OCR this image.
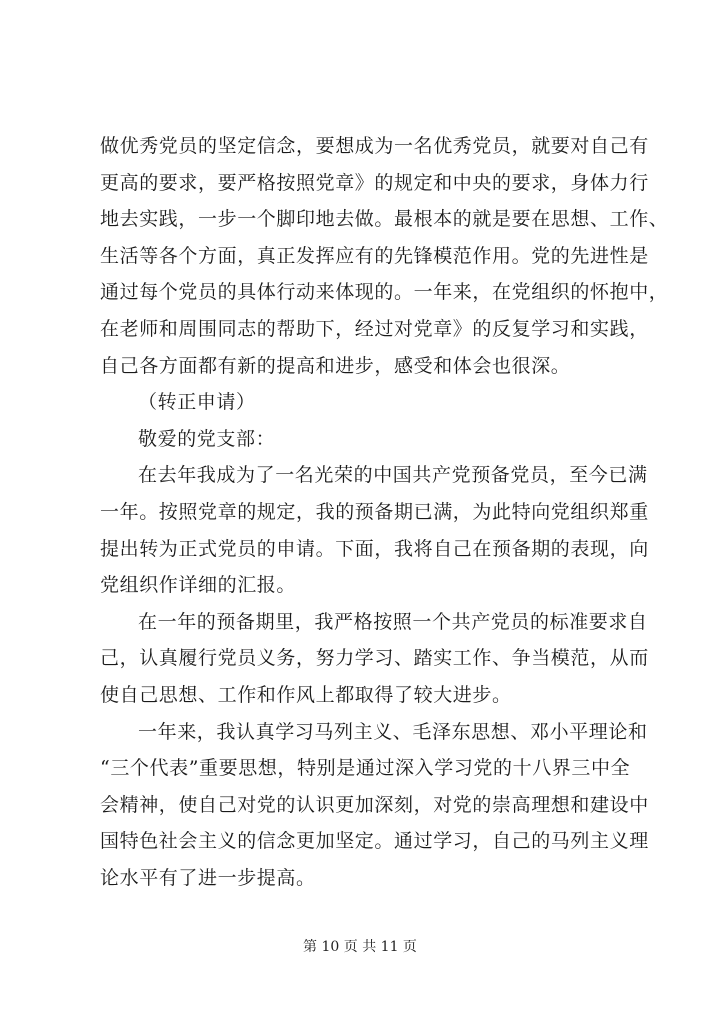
做优秀党员的坚定信念，要想成为一名优秀党员，就要对自己有
更高的要求，要严格按照党章》的规定和中央的要求，身体力行
地去实践，一步一个脚印地去做。最根本的就是要在思想、工作、
生活等各个方面，真正发挥应有的先锋模范作用。党的先进性是
通过每个党员的具体行动来体现的。一年来，在党组织的怀抱中，
在老师和周围同志的帮助下，经过对党章》的反复学习和实践，
自己各方面都有新的提高和进步，感受和体会也很深。
（转正申请）
敬爱的党支部：
在去年我成为了一名光荣的中国共产党预备党员，至今已满
一年。按照党章的规定，我的预备期已满，为此特向党组织郑重
提出转为正式党员的申请。下面，我将自己在预备期的表现，向
党组织作详细的汇报。
在一年的预备期里，我严格按照一个共产党员的标准要求自
己，认真履行党员义务，努力学习、踏实工作、争当模范，从而
使自己思想、工作和作风上都取得了较大进步。
一年来，我认真学习马列主义、毛泽东思想、邓小平理论和
“三个代表”重要思想，特别是通过深入学习党的十八界三中全
会精神，使自己对党的认识更加深刻，对党的崇高理想和建设中
国特色社会主义的信念更加坚定。通过学习，自己的马列主义理
论水平有了进一步提高。
第 10 页 共 11 页
